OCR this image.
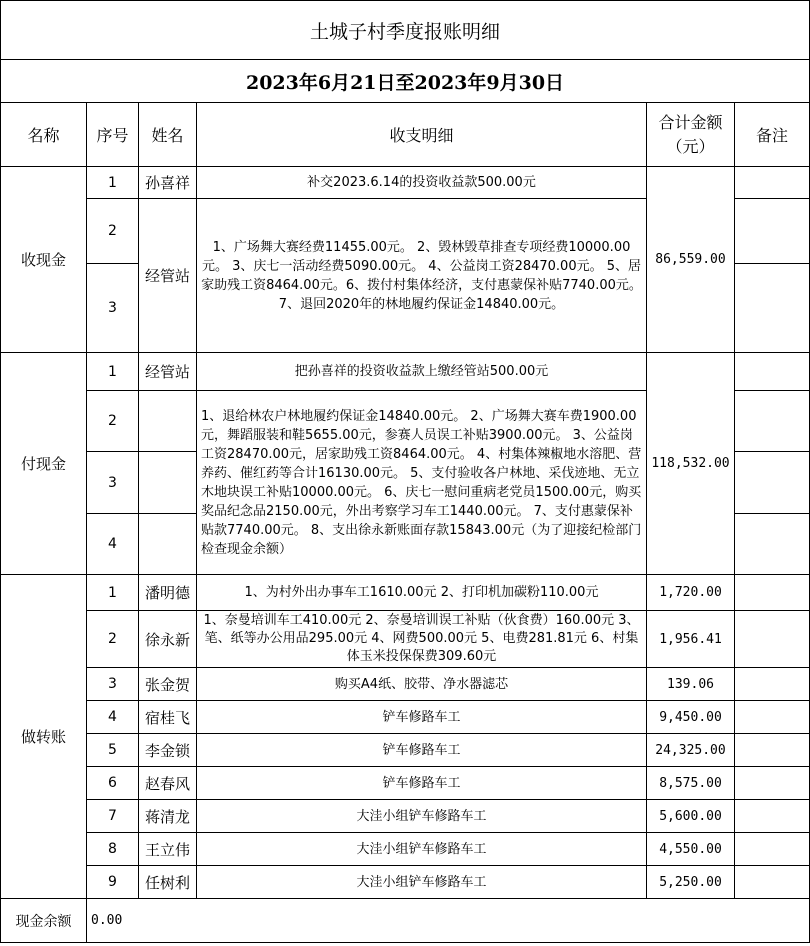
土城子村季度报账明细					
2023年6月21日至2023年9月30日					
名称	序号	姓名	收支明细	合计金额（元）	备注
收现金	1	孙喜祥	补交2023.6.14的投资收益款500.00元	86,559.00	
	2	经管站	1、广场舞大赛经费11455.00元。 2、毁林毁草排查专项经费10000.00元。 3、庆七一活动经费5090.00元。 4、公益岗工资28470.00元。 5、居家助残工资8464.00元。6、拨付村集体经济，支付惠蒙保补贴7740.00元。 7、退回2020年的林地履约保证金14840.00元。		
	3				
付现金	1	经管站	把孙喜祥的投资收益款上缴经管站500.00元	118,532.00	
	2		1、退给林农户林地履约保证金14840.00元。 2、广场舞大赛车费1900.00元，舞蹈服装和鞋5655.00元，参赛人员误工补贴3900.00元。 3、公益岗工资28470.00元，居家助残工资8464.00元。 4、村集体辣椒地水溶肥、营养药、催红药等合计16130.00元。 5、支付验收各户林地、采伐迹地、无立木地块误工补贴10000.00元。 6、庆七一慰问重病老党员1500.00元，购买奖品纪念品2150.00元，外出考察学习车工1440.00元。 7、支付惠蒙保补贴款7740.00元。 8、支出徐永新账面存款15843.00元（为了迎接纪检部门检查现金余额）		
	3				
	4				
做转账	1	潘明德	1、为村外出办事车工1610.00元 2、打印机加碳粉110.00元	1,720.00	
	2	徐永新	1、奈曼培训车工410.00元 2、奈曼培训误工补贴（伙食费）160.00元 3、笔、纸等办公用品295.00元 4、网费500.00元 5、电费281.81元 6、村集体玉米投保保费309.60元	1,956.41	
	3	张金贺	购买A4纸、胶带、净水器滤芯	139.06	
	4	宿桂飞	铲车修路车工	9,450.00	
	5	李金锁	铲车修路车工	24,325.00	
	6	赵春风	铲车修路车工	8,575.00	
	7	蒋清龙	大洼小组铲车修路车工	5,600.00	
	8	王立伟	大洼小组铲车修路车工	4,550.00	
	9	任树利	大洼小组铲车修路车工	5,250.00	
现金余额	0.00				
